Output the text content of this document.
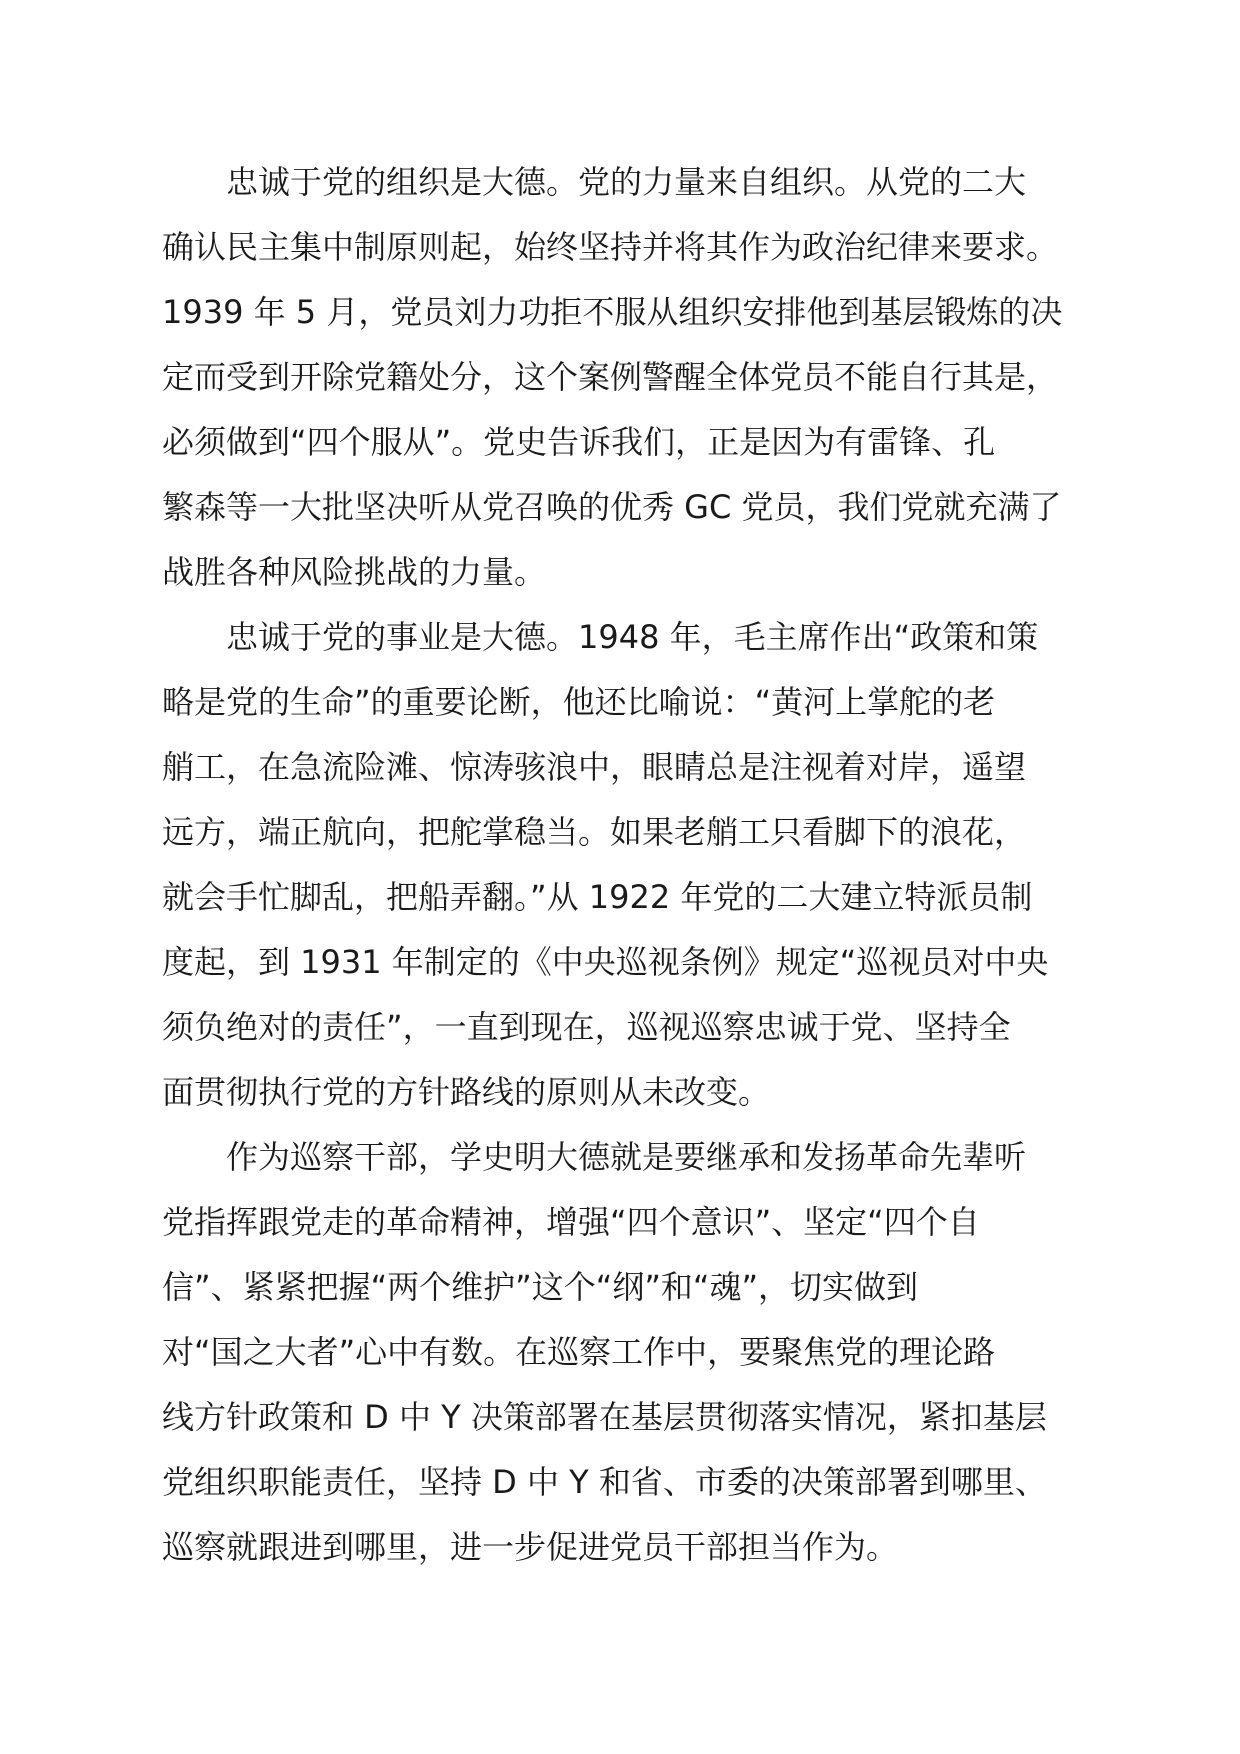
忠诚于党的组织是大德。党的力量来自组织。从党的二大
确认民主集中制原则起，始终坚持并将其作为政治纪律来要求。
1939 年 5 月，党员刘力功拒不服从组织安排他到基层锻炼的决
定而受到开除党籍处分，这个案例警醒全体党员不能自行其是，
必须做到“四个服从”。党史告诉我们，正是因为有雷锋、孔
繁森等一大批坚决听从党召唤的优秀 GC 党员，我们党就充满了
战胜各种风险挑战的力量。
忠诚于党的事业是大德。1948 年，毛主席作出“政策和策
略是党的生命”的重要论断，他还比喻说：“黄河上掌舵的老
艄工，在急流险滩、惊涛骇浪中，眼睛总是注视着对岸，遥望
远方，端正航向，把舵掌稳当。如果老艄工只看脚下的浪花，
就会手忙脚乱，把船弄翻。”从 1922 年党的二大建立特派员制
度起，到 1931 年制定的《中央巡视条例》规定“巡视员对中央
须负绝对的责任”，一直到现在，巡视巡察忠诚于党、坚持全
面贯彻执行党的方针路线的原则从未改变。
作为巡察干部，学史明大德就是要继承和发扬革命先辈听
党指挥跟党走的革命精神，增强“四个意识”、坚定“四个自
信”、紧紧把握“两个维护”这个“纲”和“魂”，切实做到
对“国之大者”心中有数。在巡察工作中，要聚焦党的理论路
线方针政策和 D 中 Y 决策部署在基层贯彻落实情况，紧扣基层
党组织职能责任，坚持 D 中 Y 和省、市委的决策部署到哪里、
巡察就跟进到哪里，进一步促进党员干部担当作为。
